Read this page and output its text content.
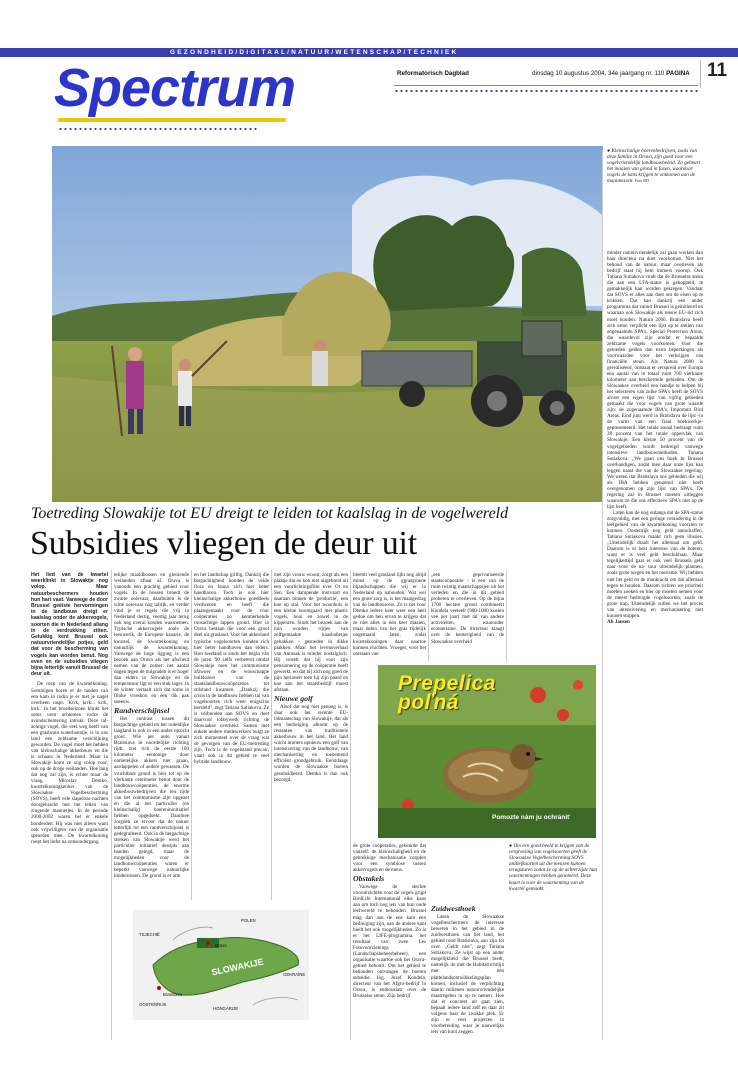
GEZONDHEID/DIGITAAL/NATUUR/WETENSCHAP/TECHNIEK
Spectrum	Reformatorisch Dagblad	dinsdag 10 augustus 2004, 34e jaargang nr. 110 PAGINA 11
● Kleinschalige boerenbedrijven, zoals van deze familie in Orava, zijn goed voor een vogelvriendelijk landbouwbeleid. Zo gebeurt het maaien van grond in fasen, waardoor vogels de kans krijgen te ontkomen aan de maaimessen. Foto RD
Toetreding Slowakije tot EU dreigt te leiden tot kaalslag in de vogelwereld
Subsidies vliegen de deur uit
Het lied van de kwartel weerklinkt in Slowakije nog volop. Maar natuurbeschermers houden hun hart vast. Vanwege de door Brussel geëiste hervormingen in de landbouw dreigt er kaalslag onder de akkervogels, soorten die in Nederland allang in de verdrukking zitten. Gelukkig kent Brussel ook natuurvriendelijke potjes, geld dat voor de bescherming van vogels kan worden benut. Nog even en de subsidies vliegen bijna letterlijk vanuit Brussel de deur uit.

De roep van de kwartelkoning. Sommigen horen er de tanden van een kam in rodra je er met je nagel overheen raspt. 'Krrk, krrk... krrk, krrk.' In het broedseizoen klinkt het soms uren achtereen rodra de avondschemering intrukt. Deze tal-achtige vogel, die veel weg heeft van een grasbruin waterhoentje, is in ons land een zeldzame verschijning geworden. De vogel moet het hebben van kleinschalige akkerbouw en die is schaars in Nederland. Maar in Slowakije komt ze nog volop voor, ook op de droge weilanden. Hoe lang dat nog zal zijn, is echter maar de vraag. Miroslav Demko, kwartelkoningkenner van de Slowaakse Vogelbescherming (SOVS), heeft vele slapeloze nachten doorgebracht met het tellen van zingende mannetjes. In de periode 2000-2002 waren het er enkele honderden. Hij was niet alleen want ook vrijwilligers van de organisatie speurden mee. De kwartelkoning roept het liefst na zonsondergang.

telijke maaldbossen en glooiende weilanden aflaat af. Orava is vanouds een prachtig gebied voor vogels. In de bossen broedt de zwarte ooievaar, daarbuiten is de witte ooievaar nog talrijk, en verder vind je er regels die vrij in Nederland dertig, veertig jaar terug ook nog overal konden waarnemen. Typische akkervogels zoals de leeuwerik, de Europese kanarie, de kwartel, de kwartelkoning en natuurlijk de kwartelkoning. Vanwege de hoge ligging is een bezoek aan Orava als het afscheid nemen van de zomer: het aantal dagen tegen de nulgraden is er hoger dan elders in Slowakije en de temperatuur ligt er een stuk lager. In de winter vertaalt zich dat soms in flinke vrieskou en een dik pak sneeuw.

Randverschijnsel

Het contrast tussen dit bergachtige gebied en het rudeldijke laagland is ook in een ander opzicht groot. Wie per auto vanuit Bratislava in noordelijke richting rijdt, ziet rich de eerste 100 kilometer eentonige door onmetelijke akkers met graan, aardappelen of andere gewassen. De vruchtbare grond is hier tot op de vierkante centimeter benut door de landbouwcoöperaties, de enorme akkerbouwbedrijven die ten tijde van het communisme zijn opgezet en die al het particulier (en kleinschalig) boerenininitiatief hebben opgedoekt. Daarmee zorgden ze ervoor dat de natuur letterlijk tot een randverschijnsel is gedegradeerd. Ook in de bergachtige streken van Slowakije werd het particulier initiatief destijds aan banden gelegd, maar de mogelijkheden voor de landbouwcoöperaties waren er beperkt vanwege natuurlijke hindernissen. De grond is er arm

en het landschap grillig. Dankzij die bergachtigheid konden de velde flora en fauna zich hier beter handhaven. Toch is ook hier kleinschalige akkerbouw goeddeels verdwenen en heeft die plaatsgemaakt voor de voor coöperaties zo kenmerkende roosachtige lappen grond. Hier in Orava bestaan die voor een groot deel uit grasland. Voor het akkerland typische vogelsoorten konden rich hier beter handhaven dan elders. Hun toestand is sinds het begin van de jaren '90 zelfs verbeterd omdat Slowakije toen het communisme afzwoer en de wouschappe bulldozers van de staatslandbouwcoöperaties tot stilstand kwamen. „Dankzij die crisis in de landbouw hebben tal van vogelsoorten rich weer enigszins hersteld", zegt Tatiana Sutiakova. Ze is verbonden aan SOVS en doet daarvoor lobbywerk richting de Slowaakse overheid. Samen met enkele andere medewerkers buigt ze zich momenteel over de vraag wat de gevolgen van de EU-toetreding zijn. Toch is de vogelstand precair, vaart ook in dit gebied te veel hybride landbouw.

TSJECHIË
POLEN
SLOWAKIJE
Orava
OOSTENRIJK
HONGARIJE
OEKRAÏNE
Bratislava

met zijn vrouw woont, zorgt als een plaatje dat en kon niet uitgebreid uit een voorlichtingsfilm over Ot en Sen. Een dampende motvaart en daaraan binnen de 'productie', een koe op stal. Voor het woonhuis is een kleine boomgaard met plastic vogels, hooi en zowel in de kippenren. Sinds het bezoek aan de tuin worden rijtjes van zelfgemaakte kaasballetjes gebakken - gesneden in dikke plakken. Maar het levensverhaal van Antusak is minder nostalgisch. Hij vertelt dat hij voor zijn pensionering op de coöperatie heeft gewerkt, en dat hij zich nog goed de pijn herinnert toen hij zijn paard en koe aan het staatsbedrijf moest afstaan.

Nieuwe golf

Alsof dat nog niet genoeg is, is daar ook het recente EU-lidmaatschap van Slowakije, dat als een bedreiging alkomt op de restanten van traditionele akkerbouw in het land. Het land wacht immers opnieuw een golf van intensivering van de landbouw, van mechanisering en toenemend efficiënt grondgebruik. Eerstdaags worden de Slowaakse boeren gesubsidieerd. Demko is dan ook bezorgd.

bleemt veel grasland lijkt nog altijd minst op de ggrasgroene bljandschappen die wij er in Nederland op nahouden. Wat wel een grote zorg is, is het maaigedrag van de landbouwers. Zo is het voor Demko iedere keer weer een heel gedoe om hen ervan te krijgen dat ze niet alles in één keer maaien, maar delen van het gras tijdelijk ongemaaid laten, zodat kwartelkoningen daar naartoe kunnen vluchten. Vroeger, voor het ontstaan van

de grote coöperaties, gebeurde dat vanzelf: de kleinschaligheid en de gebrekkige mechanisatie zorgden voor een symbiose tussen akkervogels en de mens.

Obstakels

Vanwege de slechte vooruitzichten voor de vogels grijpt BirdLife International elke kans aan om toch nog iets van hun oude leefwereld te behouden. Brussel mag dan aan de ene kant een bedreiging zijn, aan de andere kant biedt het ook mogelijkheden. Zo is er het LIFE-programma, het resultaat van twee Les Fotovoorzienings (Landschapsbeheerbeheer), een organisatie waartoe ook het Orava-gebied behoort. Om het gebied te behouden ontvangen de boeren subsidie. Ing. Jozef Kondela, directeur van het Afgro-bedrijf in Orava, is enthousiast over de Brusselse steun. Zijn bedrijf

„een geprivatiseerde staatscoöperatie - is een van de ruim twintig maatschappijen uit het verleden en die in dit gebied proberen te overleven. Op de bijna 1700 hectare grond combineert Kondela veeteelt (900-1000 koeien vee per jaar) met tal van andere activiteiten, waaronder ecotoerisme. De directeur klaagt over de kenterigheid van de Slowaakse overheid

Prepelica poľná
Pomozte nám ju ochrániť
● Om een goed beeld te krijgen van de vergroeiing van vogelsoorten geeft de Slowaakse Vogelbescherming SOVS anitiefkaarten uit die mensen kunnen terugsturen zodat ze op de achterzijde hun waarnemingen hebben genoteerd. Deze kaart is voor de waarneming van de kwartel gemaakt.
Zuidwesthoek

Lasen de Slowaakse vogelbeschermers de interesse beweren in het gebied in de zuidwesthoek van het land, het gebied rond Bratislava, aan zijn lot over. „Geldt niet", zegt Tatiana Sutiakova. Ze wijst op een ander mogelijkheid die Brussel biedt, namelijk de met de Habitatrichtlijn met een plattelandsontwikkelingsplan komen, inclusief de verplichting daarin milieuen natuurvriendelijke maatregelen in op te nemen. Hoe dat er concreet uit gaat zien, bepaalt iedere land zelf en daar zit volgens haar de zwakke plek. Er zijn er veel projecten in voorbereiding waar je nauwelijks iets van kunt zeggen.

minder natuurvriendelijk zal gaan werken dan haar directeur nu doet voorkomen. Niet het behoud van de natuur, maar overleven als bedrijf staat bij hem immers voorop. Ook Tatiana Sutiakova vindt dat de Brusselse steun die aan een LFA-status is gekoppeld, te gemakkelijk kan worden gekregen. Vandaar dat SOVS er alles aan doet om de eisen op te krikken. Dat kan dankzij een ander programma dat vanuit Brussel is geïnitieerd en waaraan ook Slowakije als nieuw EU-lid zich moet houden: Natura 2000. Bratislava heeft zich ertoe verplicht een lijst op te stellen van zogenaamde SPA's, Special Protection Areas, die waardevol zijn omdat er bepaalde zeldzame vogels voorkomen. Voor die gebieden gelden dan extra beperkingen als voorwaarden voor het verkrijgen van financiële steun. Als Natura 2000 is gerealiseerd, ontstaat er verspreid over Europa een aantal van in totaal ruim 700 vierkante kilometer aan beschermde gebieden. Om de Slowaakse overheid een handje te helpen bij het selecteren van zulke SPA's heeft de SOVS alvast een eigen lijst van vijftig gebieden gemaakt die voor vogels van grote waarde zijn: de zogenaamde IBA's, Important Bird Areas. Eind juni werd in Bratislava de lijst -in de vorm van een fraai boekwerkje- gepresenteerd. Het totale areaal bedraagt ruim 28 procent van het totale oppervlak van Slowakije. Een kleine 50 procent van de vogelgebieden wordt bedreigd vanwege intensieve landbouwmethoden. Tatiana Sutiakova: „We gaan ons boek in Brussel overhandigen, zodat men daar onze lijst kan leggen naast die van de Slowaakse regering. We weten dat Bratislava ons gebieden die wij als IBA hebben genoemd niet heeft overgenomen op zijn lijst van SPA's. De regering zal in Brussel moeten uitleggen waarom ze die ons effectieve SPA's niet op de lijst heeft.

Laten kan de nog onlangs dat de SPA-status zorgvuldig, met een geringe verandering in de leefgebied van de kwartelkoning voorzien te kunnen. Oostenrijk nog geld aanschaffen. Tatiana Sutiakova maakt rich geen illusies. „Uiteindelijk draait het allemaal om geld. Daarom is er best interesse van de boeren, want er is veel geld beschikbaar. Maar tegelijkertijd gaat er ook veel Brussels geld naar voor de na- tuur uiteindelijk plannen, zoals grote wegen en het toerisme. Wij hebben niet het geld en de mankracht om dat allemaal tegen te houden. Daarom richten we prioriteit moeten zoeken en hier op moeten nemen voor de meest bedreigde vogelsoorten, zoals de grote trap. Uiteindelijk zullen we het proces van intensivering en mechanisering niet kunnen stoppen.

Ab Jansen
